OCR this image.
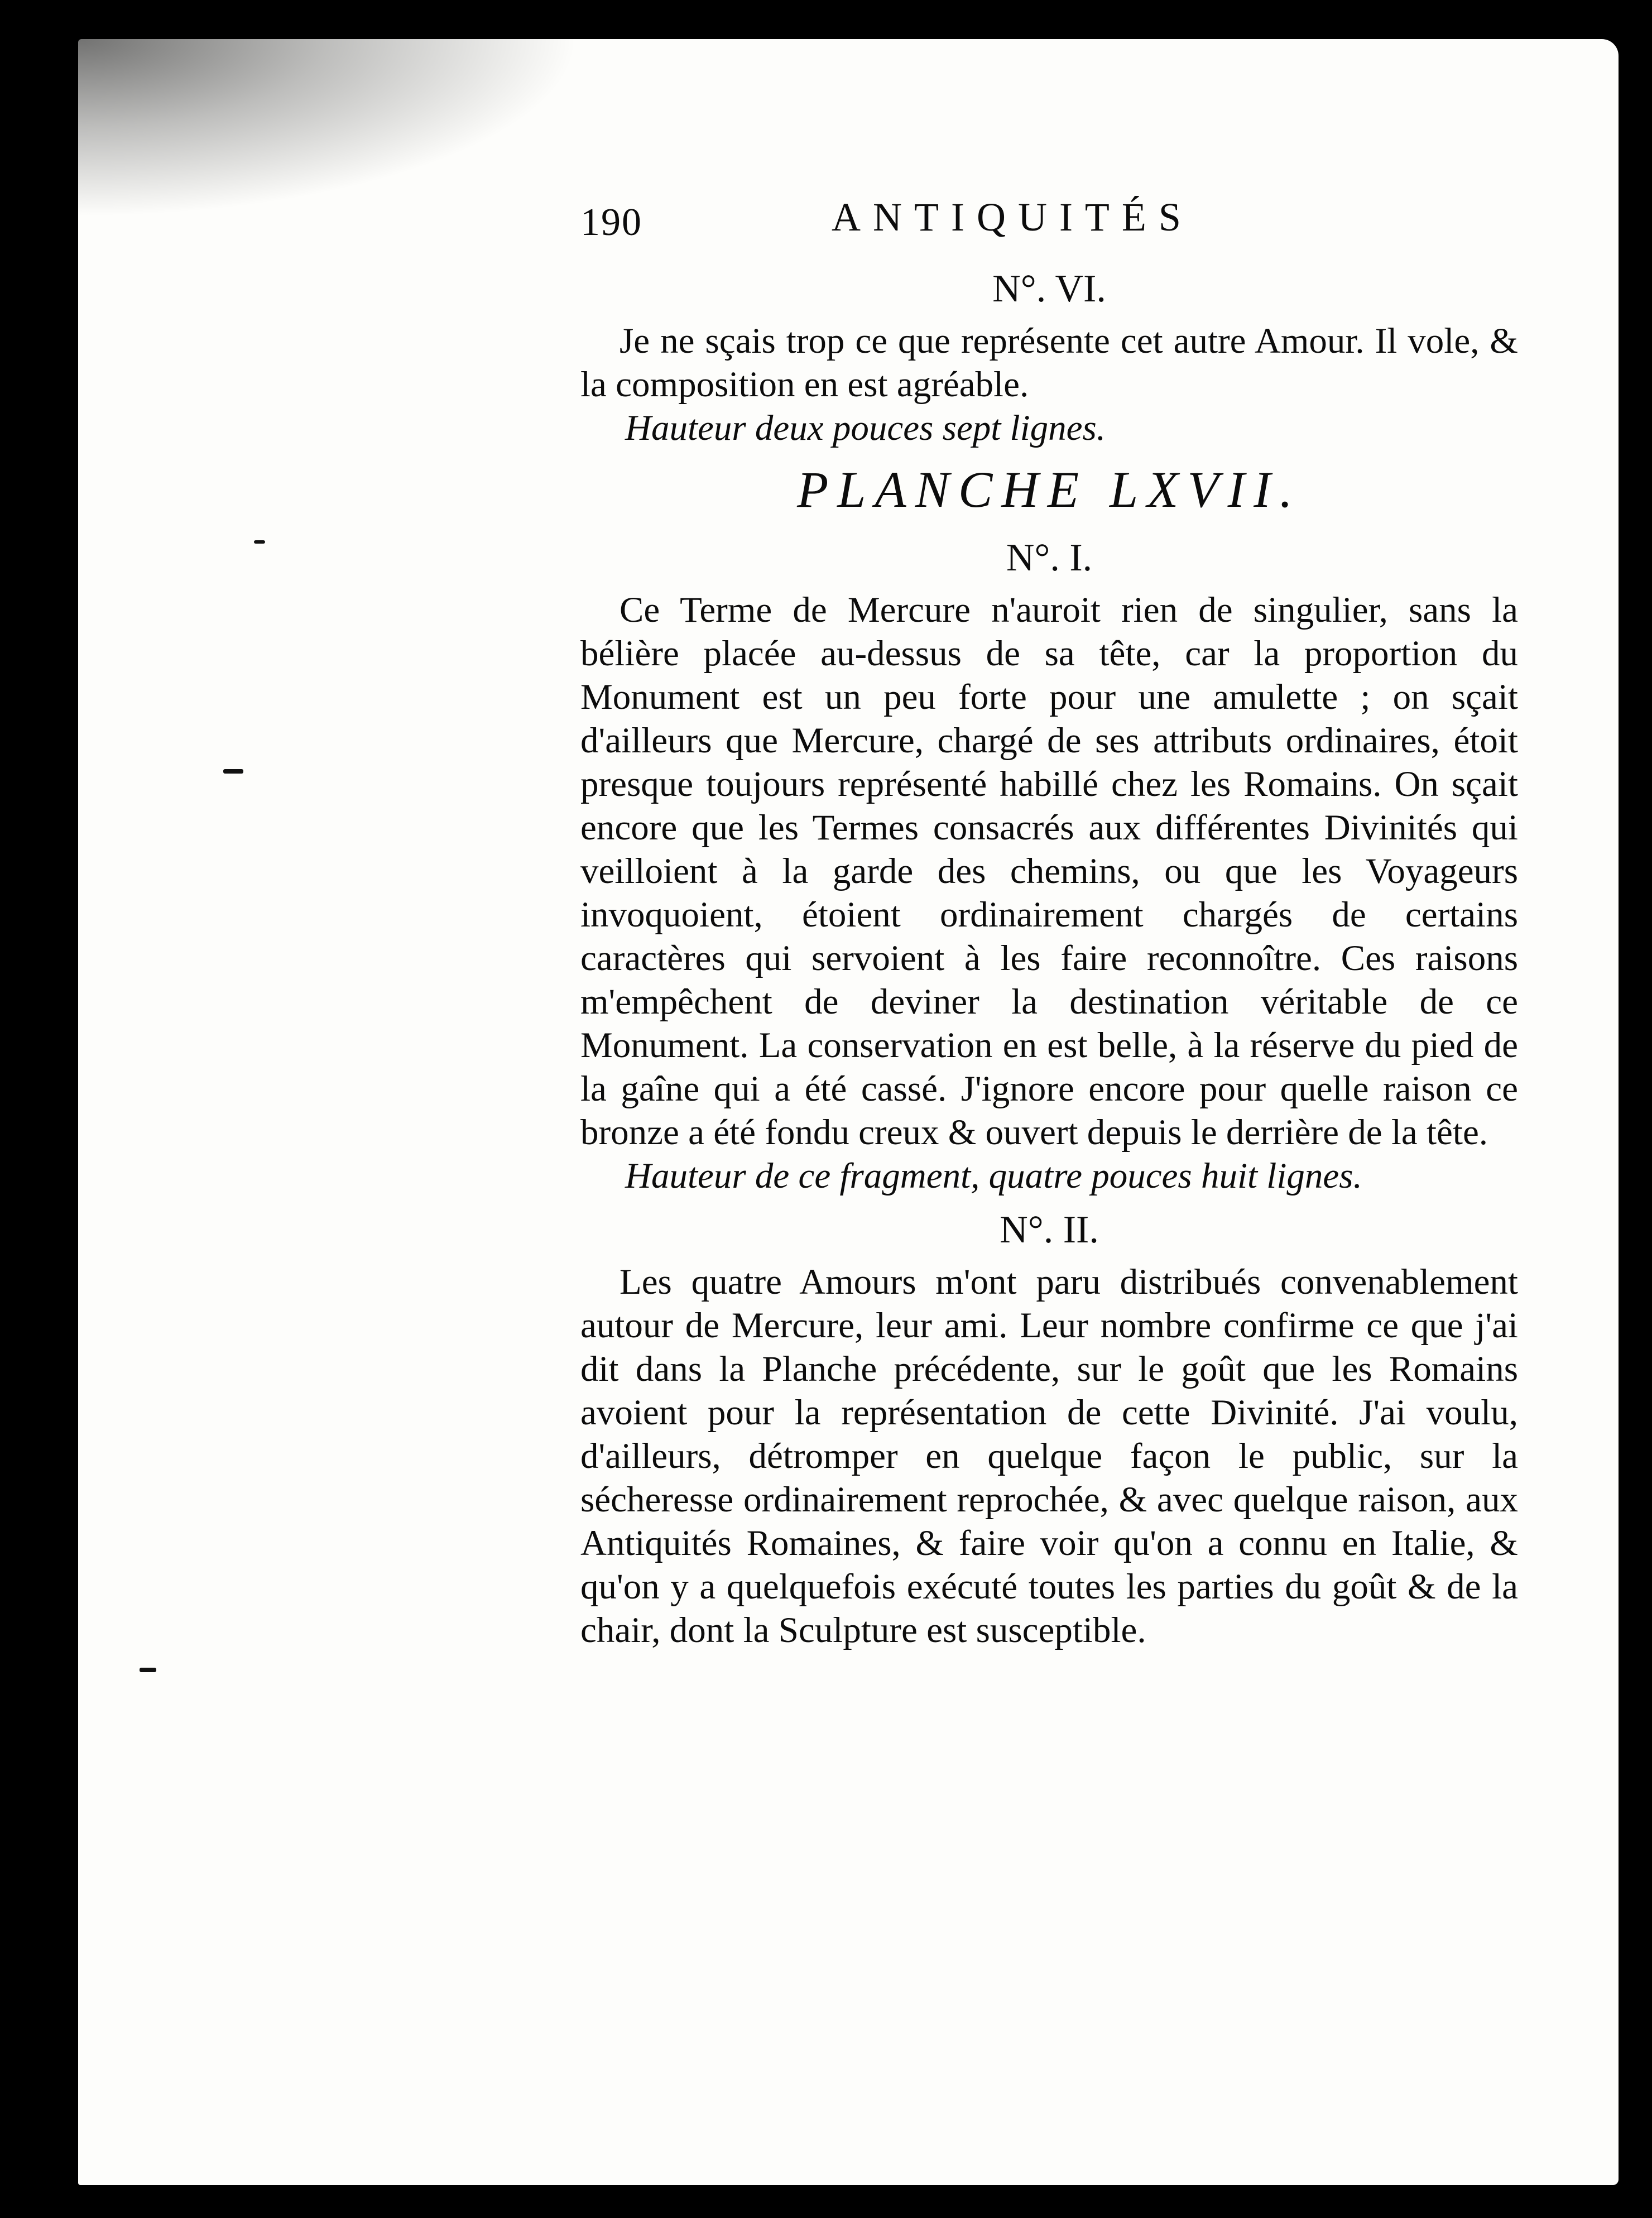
190	ANTIQUITÉS
N°. VI.

Je ne sçais trop ce que représente cet autre Amour. Il vole, & la composition en est agréable.

Hauteur deux pouces sept lignes.

PLANCHE LXVII.
N°. I.

Ce Terme de Mercure n'auroit rien de singulier, sans la bélière placée au-dessus de sa tête, car la proportion du Monument est un peu forte pour une amulette ; on sçait d'ailleurs que Mercure, chargé de ses attributs ordinaires, étoit presque toujours représenté habillé chez les Romains. On sçait encore que les Termes consacrés aux différentes Divinités qui veilloient à la garde des chemins, ou que les Voyageurs invoquoient, étoient ordinairement chargés de certains caractères qui servoient à les faire reconnoître. Ces raisons m'empêchent de deviner la destination véritable de ce Monument. La conservation en est belle, à la réserve du pied de la gaîne qui a été cassé. J'ignore encore pour quelle raison ce bronze a été fondu creux & ouvert depuis le derrière de la tête.

Hauteur de ce fragment, quatre pouces huit lignes.

N°. II.

Les quatre Amours m'ont paru distribués convenablement autour de Mercure, leur ami. Leur nombre confirme ce que j'ai dit dans la Planche précédente, sur le goût que les Romains avoient pour la représentation de cette Divinité. J'ai voulu, d'ailleurs, détromper en quelque façon le public, sur la sécheresse ordinairement reprochée, & avec quelque raison, aux Antiquités Romaines, & faire voir qu'on a connu en Italie, & qu'on y a quelquefois exécuté toutes les parties du goût & de la chair, dont la Sculpture est susceptible.
